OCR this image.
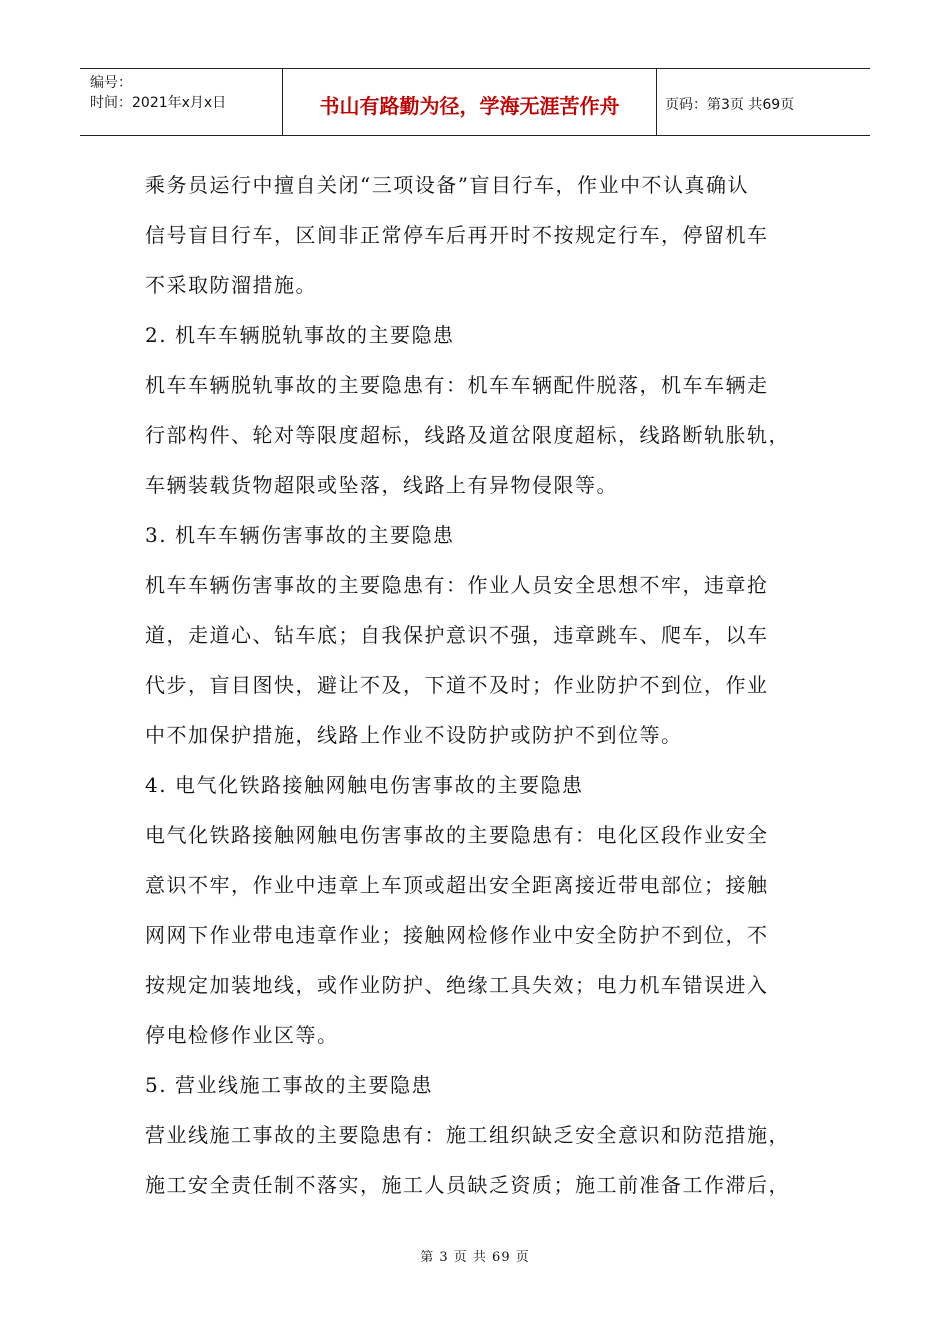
编号：
时间：2021年x月x日	书山有路勤为径，学海无涯苦作舟	页码：第3页 共69页

乘务员运行中擅自关闭“三项设备”盲目行车，作业中不认真确认

信号盲目行车，区间非正常停车后再开时不按规定行车，停留机车

不采取防溜措施。

2. 机车车辆脱轨事故的主要隐患

机车车辆脱轨事故的主要隐患有：机车车辆配件脱落，机车车辆走

行部构件、轮对等限度超标，线路及道岔限度超标，线路断轨胀轨，

车辆装载货物超限或坠落，线路上有异物侵限等。

3. 机车车辆伤害事故的主要隐患

机车车辆伤害事故的主要隐患有：作业人员安全思想不牢，违章抢

道，走道心、钻车底；自我保护意识不强，违章跳车、爬车，以车

代步，盲目图快，避让不及，下道不及时；作业防护不到位，作业

中不加保护措施，线路上作业不设防护或防护不到位等。

4. 电气化铁路接触网触电伤害事故的主要隐患

电气化铁路接触网触电伤害事故的主要隐患有：电化区段作业安全

意识不牢，作业中违章上车顶或超出安全距离接近带电部位；接触

网网下作业带电违章作业；接触网检修作业中安全防护不到位，不

按规定加装地线，或作业防护、绝缘工具失效；电力机车错误进入

停电检修作业区等。

5. 营业线施工事故的主要隐患

营业线施工事故的主要隐患有：施工组织缺乏安全意识和防范措施，

施工安全责任制不落实，施工人员缺乏资质；施工前准备工作滞后，

第 3 页 共 69 页
